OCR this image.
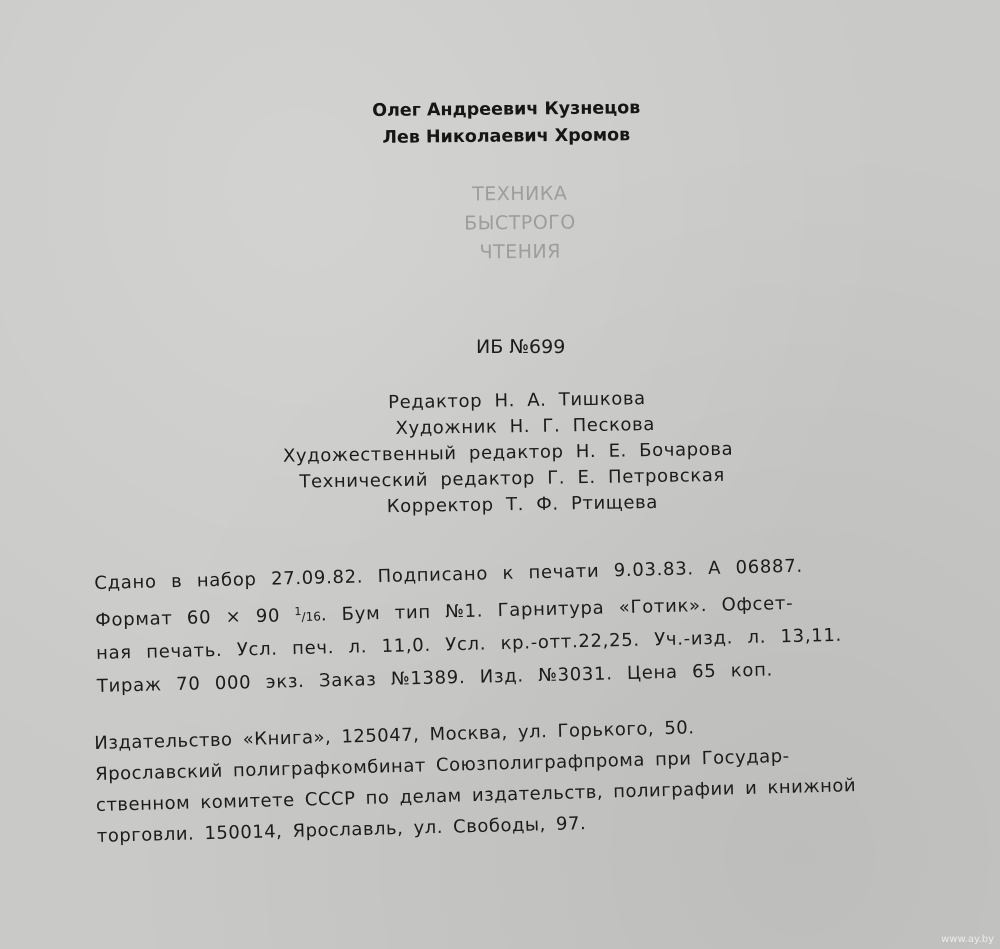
Олег Андреевич Кузнецов
Лев Николаевич Хромов
ТЕХНИКА
БЫСТРОГО
ЧТЕНИЯ
ИБ №699
Редактор Н. А. Тишкова
Художник Н. Г. Пескова
Художественный редактор Н. Е. Бочарова
Технический редактор Г. Е. Петровская
Корректор Т. Ф. Ртищева
Сдано в набор 27.09.82. Подписано к печати 9.03.83. А 06887.
Формат 60 × 90 $^1$/16. Бум тип №1. Гарнитура «Готик». Офсет-
ная печать. Усл. печ. л. 11,0. Усл. кр.-отт.22,25. Уч.-изд. л. 13,11.
Тираж 70 000 экз. Заказ №1389. Изд. №3031. Цена 65 коп.
Издательство «Книга», 125047, Москва, ул. Горького, 50.
Ярославский полиграфкомбинат Союзполиграфпрома при Государ-
ственном комитете СССР по делам издательств, полиграфии и книжной
торговли. 150014, Ярославль, ул. Свободы, 97.
www.ay.by
